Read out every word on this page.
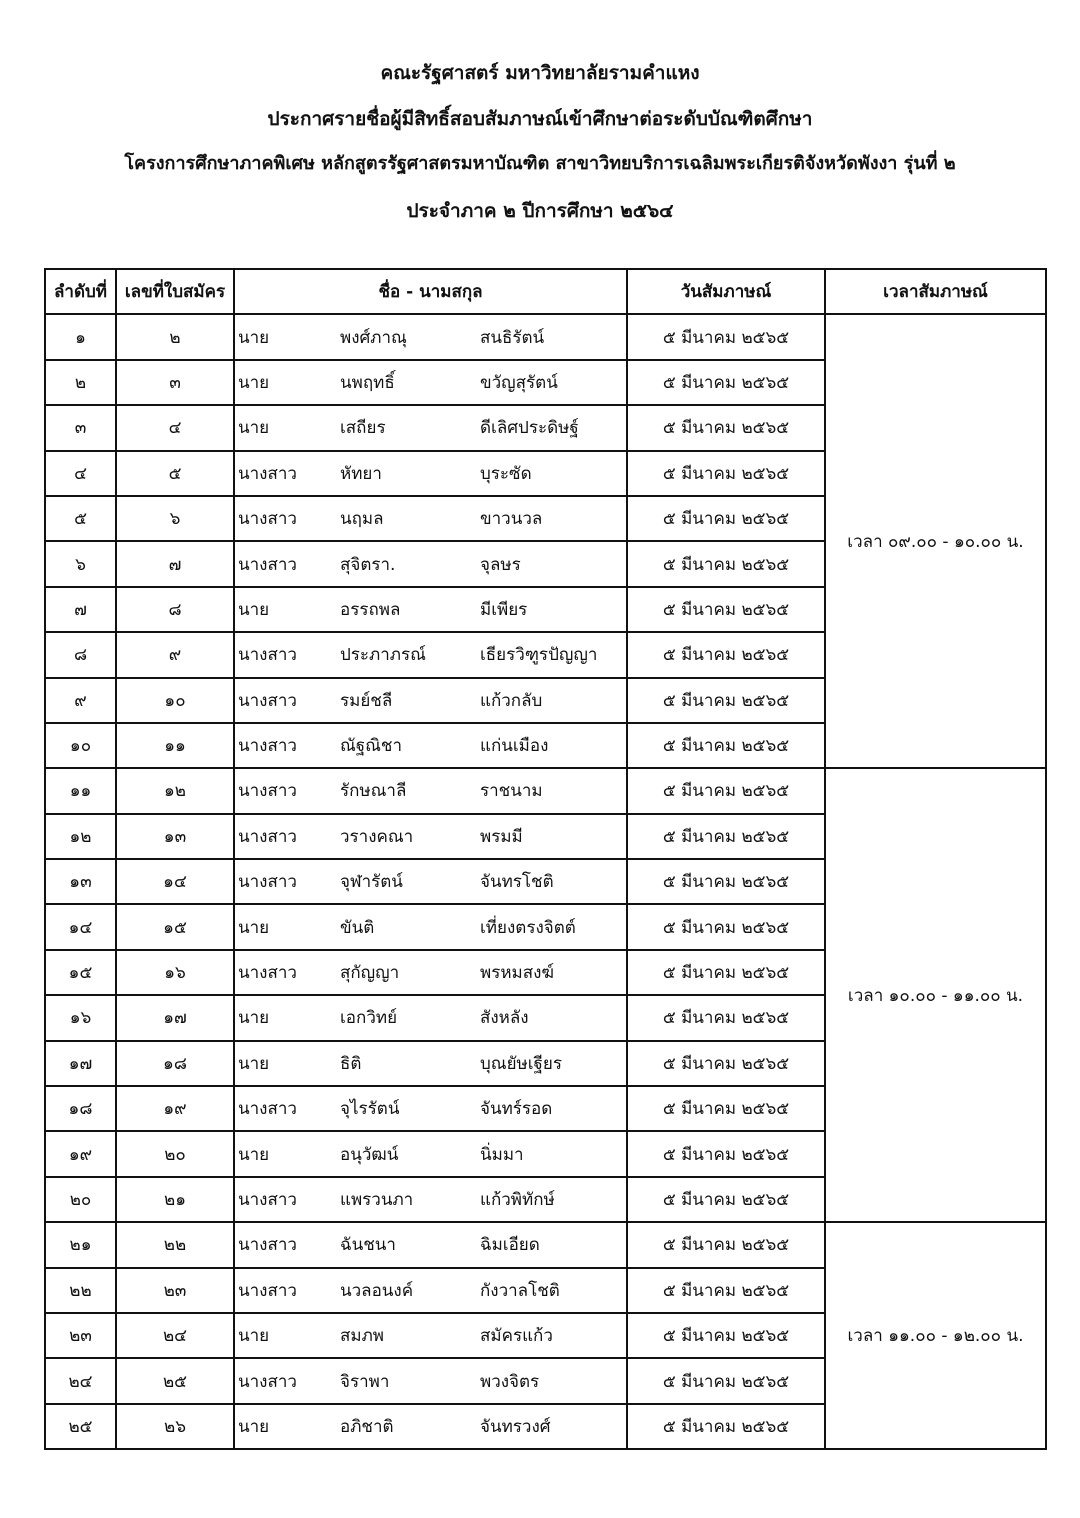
คณะรัฐศาสตร์ มหาวิทยาลัยรามคำแหง
ประกาศรายชื่อผู้มีสิทธิ์สอบสัมภาษณ์เข้าศึกษาต่อระดับบัณฑิตศึกษา
โครงการศึกษาภาคพิเศษ หลักสูตรรัฐศาสตรมหาบัณฑิต สาขาวิทยบริการเฉลิมพระเกียรติจังหวัดพังงา รุ่นที่ ๒
ประจำภาค ๒ ปีการศึกษา ๒๕๖๔
ลำดับที่	เลขที่ใบสมัคร	ชื่อ - นามสกุล	วันสัมภาษณ์	เวลาสัมภาษณ์
๑	๒	นาย พงศ์ภาณุ สนธิรัตน์	๕ มีนาคม ๒๕๖๕	เวลา ๐๙.๐๐ - ๑๐.๐๐ น.
๒	๓	นาย นพฤทธิ์ ขวัญสุรัตน์	๕ มีนาคม ๒๕๖๕	
๓	๔	นาย เสถียร ดีเลิศประดิษฐ์	๕ มีนาคม ๒๕๖๕	
๔	๕	นางสาว หัทยา บุระซัด	๕ มีนาคม ๒๕๖๕	
๕	๖	นางสาว นฤมล ขาวนวล	๕ มีนาคม ๒๕๖๕	
๖	๗	นางสาว สุจิตรา. จุลษร	๕ มีนาคม ๒๕๖๕	
๗	๘	นาย อรรถพล มีเพียร	๕ มีนาคม ๒๕๖๕	
๘	๙	นางสาว ประภาภรณ์ เธียรวิฑูรปัญญา	๕ มีนาคม ๒๕๖๕	
๙	๑๐	นางสาว รมย์ชลี แก้วกลับ	๕ มีนาคม ๒๕๖๕	
๑๐	๑๑	นางสาว ณัฐณิชา แก่นเมือง	๕ มีนาคม ๒๕๖๕	
๑๑	๑๒	นางสาว รักษณาลี ราชนาม	๕ มีนาคม ๒๕๖๕	เวลา ๑๐.๐๐ - ๑๑.๐๐ น.
๑๒	๑๓	นางสาว วรางคณา พรมมี	๕ มีนาคม ๒๕๖๕	
๑๓	๑๔	นางสาว จุฬารัตน์ จันทรโชติ	๕ มีนาคม ๒๕๖๕	
๑๔	๑๕	นาย ขันติ เที่ยงตรงจิตต์	๕ มีนาคม ๒๕๖๕	
๑๕	๑๖	นางสาว สุกัญญา พรหมสงฆ์	๕ มีนาคม ๒๕๖๕	
๑๖	๑๗	นาย เอกวิทย์ สังหลัง	๕ มีนาคม ๒๕๖๕	
๑๗	๑๘	นาย ธิติ บุณยัษเฐียร	๕ มีนาคม ๒๕๖๕	
๑๘	๑๙	นางสาว จุไรรัตน์ จันทร์รอด	๕ มีนาคม ๒๕๖๕	
๑๙	๒๐	นาย อนุวัฒน์ นิ่มมา	๕ มีนาคม ๒๕๖๕	
๒๐	๒๑	นางสาว แพรวนภา แก้วพิทักษ์	๕ มีนาคม ๒๕๖๕	
๒๑	๒๒	นางสาว ฉันชนา ฉิมเอียด	๕ มีนาคม ๒๕๖๕	เวลา ๑๑.๐๐ - ๑๒.๐๐ น.
๒๒	๒๓	นางสาว นวลอนงค์ กังวาลโชติ	๕ มีนาคม ๒๕๖๕	
๒๓	๒๔	นาย สมภพ สมัครแก้ว	๕ มีนาคม ๒๕๖๕	
๒๔	๒๕	นางสาว จิราพา พวงจิตร	๕ มีนาคม ๒๕๖๕	
๒๕	๒๖	นาย อภิชาติ จันทรวงศ์	๕ มีนาคม ๒๕๖๕	
